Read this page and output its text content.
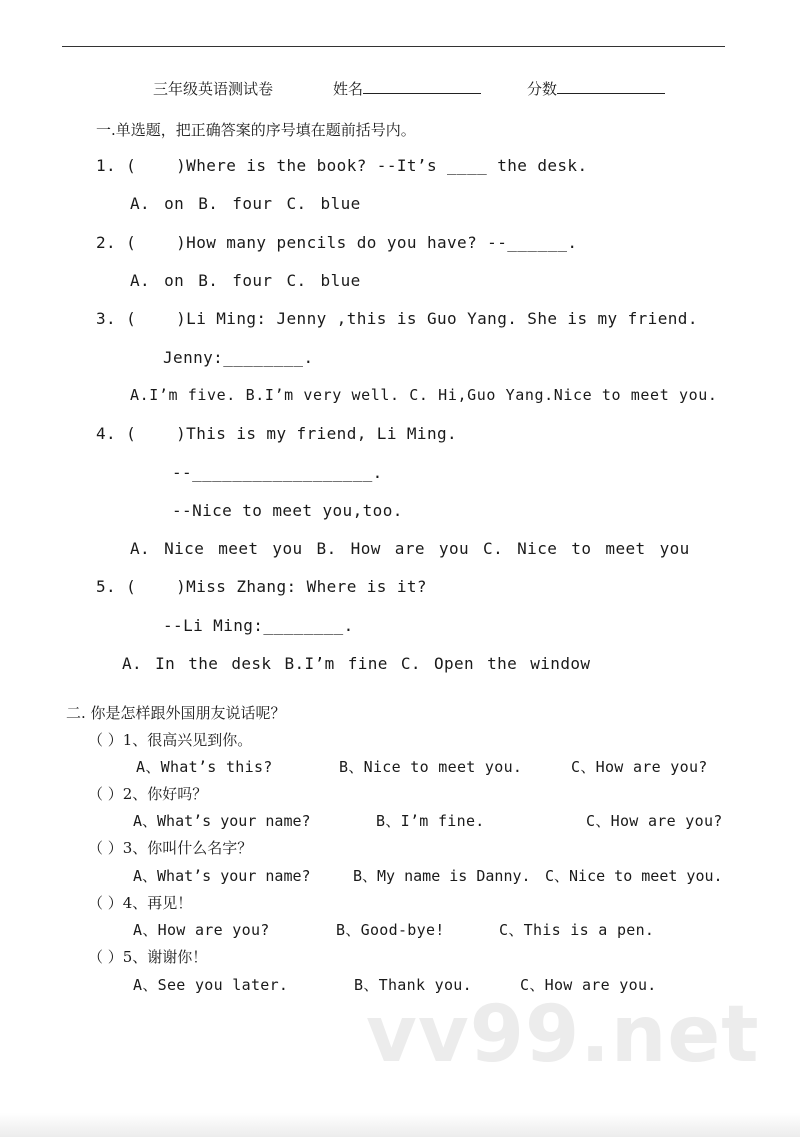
三年级英语测试卷	姓名	分数
一.单选题，把正确答案的序号填在题前括号内。
1. (	)Where is the book? --It’s ____ the desk.
A. on B. four C. blue
2. (	)How many pencils do you have? --______.
A. on B. four C. blue
3. (	)Li Ming: Jenny ,this is Guo Yang. She is my friend.
Jenny:________.
A.I’m five. B.I’m very well. C. Hi,Guo Yang.Nice to meet you.
4. (	)This is my friend, Li Ming.
--__________________.
--Nice to meet you,too.
A. Nice meet you B. How are you C. Nice to meet you
5. (	)Miss Zhang: Where is it?
--Li Ming:________.
A. In the desk B.I’m fine C. Open the window
二. 你是怎样跟外国朋友说话呢？
（ ）1、很高兴见到你。
A、What’s this?	B、Nice to meet you.	C、How are you?
（ ）2、你好吗？
A、What’s your name?	B、I’m fine.	C、How are you?
（ ）3、你叫什么名字？
A、What’s your name?	B、My name is Danny. C、Nice to meet you.
（ ）4、再见！
A、How are you?	B、Good-bye!	C、This is a pen.
（ ）5、谢谢你！
A、See you later.	B、Thank you.	C、How are you.
vv99.net
